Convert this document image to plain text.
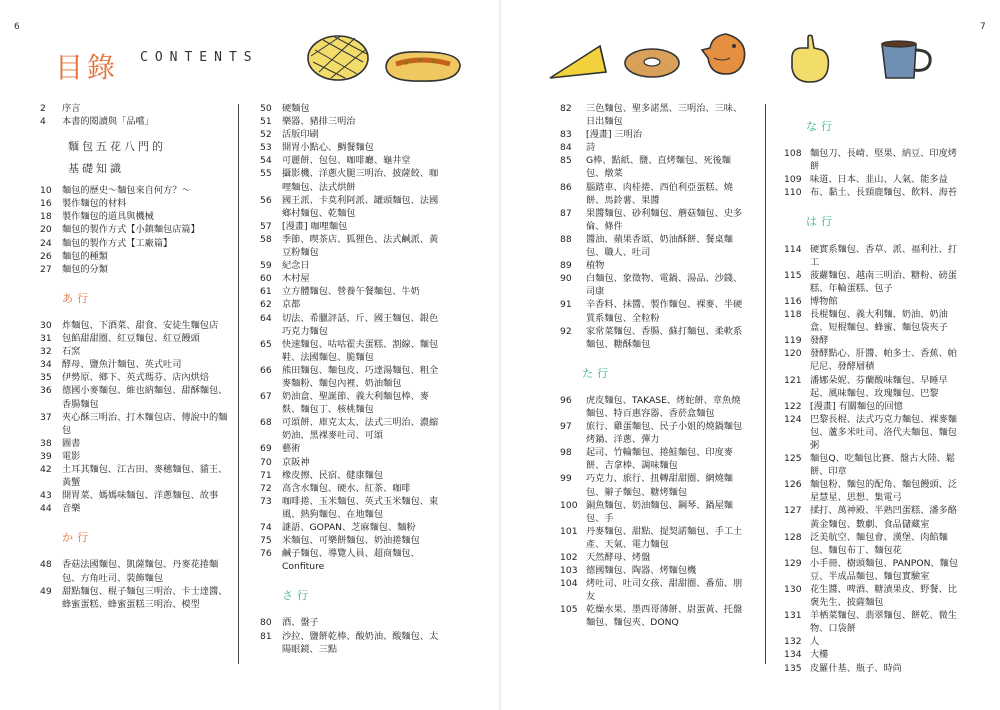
6	7
目錄 CONTENTS
2	序言
4	本書的閱讀與「品嚐」
麵包五花八門的
基礎知識
10	麵包的歷史～麵包來自何方？～
16	製作麵包的材料
18	製作麵包的道具與機械
20	麵包的製作方式【小鎮麵包店篇】
24	麵包的製作方式【工廠篇】
26	麵包的種類
27	麵包的分類
あ行
30	炸麵包、下酒菜、甜食、安徒生麵包店
31	包餡甜甜圈、紅豆麵包、紅豆饅頭
32	石窯
34	酵母、鹽魚汁麵包、英式吐司
35	伊勢原、鄉下、英式瑪芬、店內烘焙
36	德國小麥麵包、維也納麵包、甜酥麵包、香腸麵包
37	夾心酥三明治、打木麵包店、傳說中的麵包
38	圖書
39	電影
42	土耳其麵包、江古田、麥穗麵包、貓王、黃蟹
43	開胃菜、媽媽味麵包、洋蔥麵包、故事
44	音樂
か行
48	香菇法國麵包、凱薩麵包、丹麥花捲麵包、方角吐司、裝飾麵包
49	甜點麵包、棍子麵包三明治、卡士達醬、蜂蜜蛋糕、蜂蜜蛋糕三明治、模型
50	硬麵包
51	樂器、豬排三明治
52	活版印刷
53	開胃小點心、鯛餐麵包
54	可麗餅、包包、咖啡廳、龜井堂
55	攝影機、洋蔥火腿三明治、披薩餃、咖哩麵包、法式烘餅
56	國王派、卡莫利阿派、罐頭麵包、法國鄉村麵包、乾麵包
57	[漫畫] 咖哩麵包
58	季節、喫茶店、狐狸色、法式鹹派、黃豆粉麵包
59	紀念日
60	木村屋
61	立方體麵包、營養午餐麵包、牛奶
62	京都
64	切法、希臘評話、斤、國王麵包、銀色巧克力麵包
65	快速麵包、咕咕霍夫蛋糕、割線、麵包鞋、法國麵包、脆麵包
66	熊田麵包、麵包皮、巧達湯麵包、粗全麥麵粉、麵包內裡、奶油麵包
67	奶油盒、聖誕節、義大利麵包棒、麥麩、麵包丁、核桃麵包
68	可頌餅、庫克太太、法式三明治、濃縮奶油、黑裸麥吐司、可頌
69	藝術
70	京阪神
71	橡皮擦、民宿、健康麵包
72	高含水麵包、硬水、紅茶、咖啡
73	咖啡捲、玉米麵包、英式玉米麵包、東風、熱狗麵包、在地麵包
74	謎語、GOPAN、芝麻麵包、麵粉
75	米麵包、可樂餅麵包、奶油捲麵包
76	鹹子麵包、導覽人員、超商麵包、Confiture
さ行
80	酒、盤子
81	沙拉、鹽餅乾棒、酸奶油、酸麵包、太陽眼鏡、三點
82	三色麵包、聖多諾黑、三明治、三味、日出麵包
83	[漫畫] 三明治
84	詩
85	G棒、點紙、鹽、直烤麵包、死後麵包、燉菜
86	腦踏車、肉桂捲、西伯利亞蛋糕、燒餅、馬鈴薯、果醬
87	果醬麵包、砂利麵包、蘑菇麵包、史多倫、條件
88	醬油、蘋果香頌、奶油酥餅、餐桌麵包、職人、吐司
89	植物
90	白麵包、象徵物、電鍋、湯品、沙錢、司康
91	辛香料、抹醬、製作麵包、裸麥、半硬質系麵包、全粒粉
92	家常菜麵包、香腸、蘇打麵包、柔軟系麵包、糖酥麵包
た行
96	虎皮麵包、TAKASE、烤蛇餅、章魚燒麵包、特百惠容器、香菸盒麵包
97	旅行、雞蛋麵包、民子小姐的燒鍋麵包烤鍋、洋蔥、彈力
98	起司、竹輪麵包、捲鮭麵包、印度麥餅、吉拿棒、調味麵包
99	巧克力、旅行、扭轉甜甜圈、網燒麵包、辮子麵包、糖烤麵包
100 銅魚麵包、奶油麵包、鋼琴、鍋屋麵包、手
101 丹麥麵包、甜點、提契諾麵包、手工土產、天氣、電力麵包
102 天然酵母、烤盤
103 德國麵包、陶器、烤麵包機
104 烤吐司、吐司女孩、甜甜圈、番茄、朋友
105 乾燥水果、墨西哥薄餅、尉蛋黃、托盤麵包、麵包夾、DONQ
な行
108 麵包刀、長崎、堅果、納豆、印度烤餅
109 味道、日本、韭山、人氣、能多益
110 布、黏土、長頸鹿麵包、飲料、海苔
は行
114 硬實系麵包、香草、派、福利社、打工
115 菠蘿麵包、越南三明治、糖粉、磅蛋糕、年輪蛋糕、包子
116 博物館
118 長棍麵包、義大利麵、奶油、奶油盒、短棍麵包、蜂蜜、麵包袋夾子
119 發酵
120 發酵點心、肝醬、帕多士、香蕉、帕尼尼、發酵層積
121 潘娜朵妮、芬蘭酸味麵包、早睡早起、風味麵包、玫瑰麵包、巴黎
122 [漫畫] 有關麵包的回憶
124 巴黎長棍、法式巧克力麵包、裸麥麵包、蘆多米吐司、洛代夫麵包、麵包粥
125 麵包Q、吃麵包比賽、盤古大陸、鬆餅、印章
126 麵包粉、麵包的配角、麵包饅頭、泛星慧星、思想、集電弓
127 揉打、萬神殿、半熟凹蛋糕、潘多酪黃金麵包、數劇、食品儲藏室
128 泛美航空、麵包會、漢堡、肉餡麵包、麵包布丁、麵包花
129 小手冊、樹頭麵包、PANPON、麵包豆、半成品麵包、麵包實驗室
130 花生醬、啤酒、糖漬果皮、野餐、比褒先生、披薩麵包
131 羊栖菜麵包、翡翠麵包、餅乾、微生物、口袋餅
132 人
134 大樓
135 皮羅什基、瓶子、時尚
